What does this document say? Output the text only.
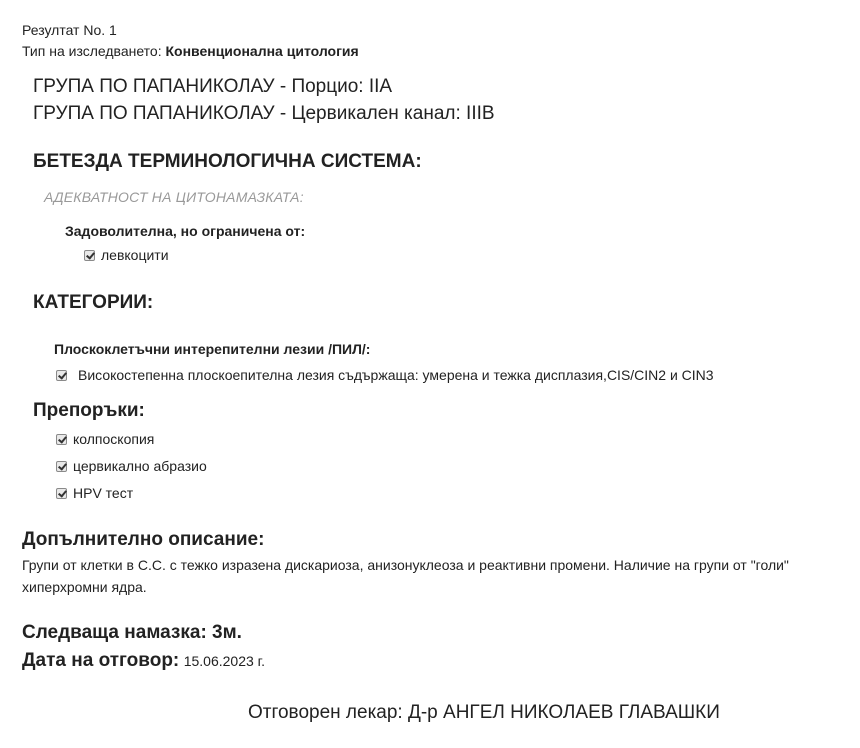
Резултат No. 1
Тип на изследването: Конвенционална цитология
ГРУПА ПО ПАПАНИКОЛАУ - Порцио: IIA
ГРУПА ПО ПАПАНИКОЛАУ - Цервикален канал: IIIB
БЕТЕЗДА ТЕРМИНОЛОГИЧНА СИСТЕМА:
АДЕКВАТНОСТ НА ЦИТОНАМАЗКАТА:
Задоволителна, но ограничена от:
левкоцити
КАТЕГОРИИ:
Плоскоклетъчни интерепителни лезии /ПИЛ/:
Високостепенна плоскоепителна лезия съдържаща: умерена и тежка дисплазия,CIS/CIN2 и CIN3
Препоръки:
колпоскопия
цервикално абразио
HPV тест
Допълнително описание:
Групи от клетки в С.С. с тежко изразена дискариоза, анизонуклеоза и реактивни промени. Наличие на групи от "голи"
хиперхромни ядра.
Следваща намазка: 3м.
Дата на отговор: 15.06.2023 г.
Отговорен лекар: Д-р АНГЕЛ НИКОЛАЕВ ГЛАВАШКИ
